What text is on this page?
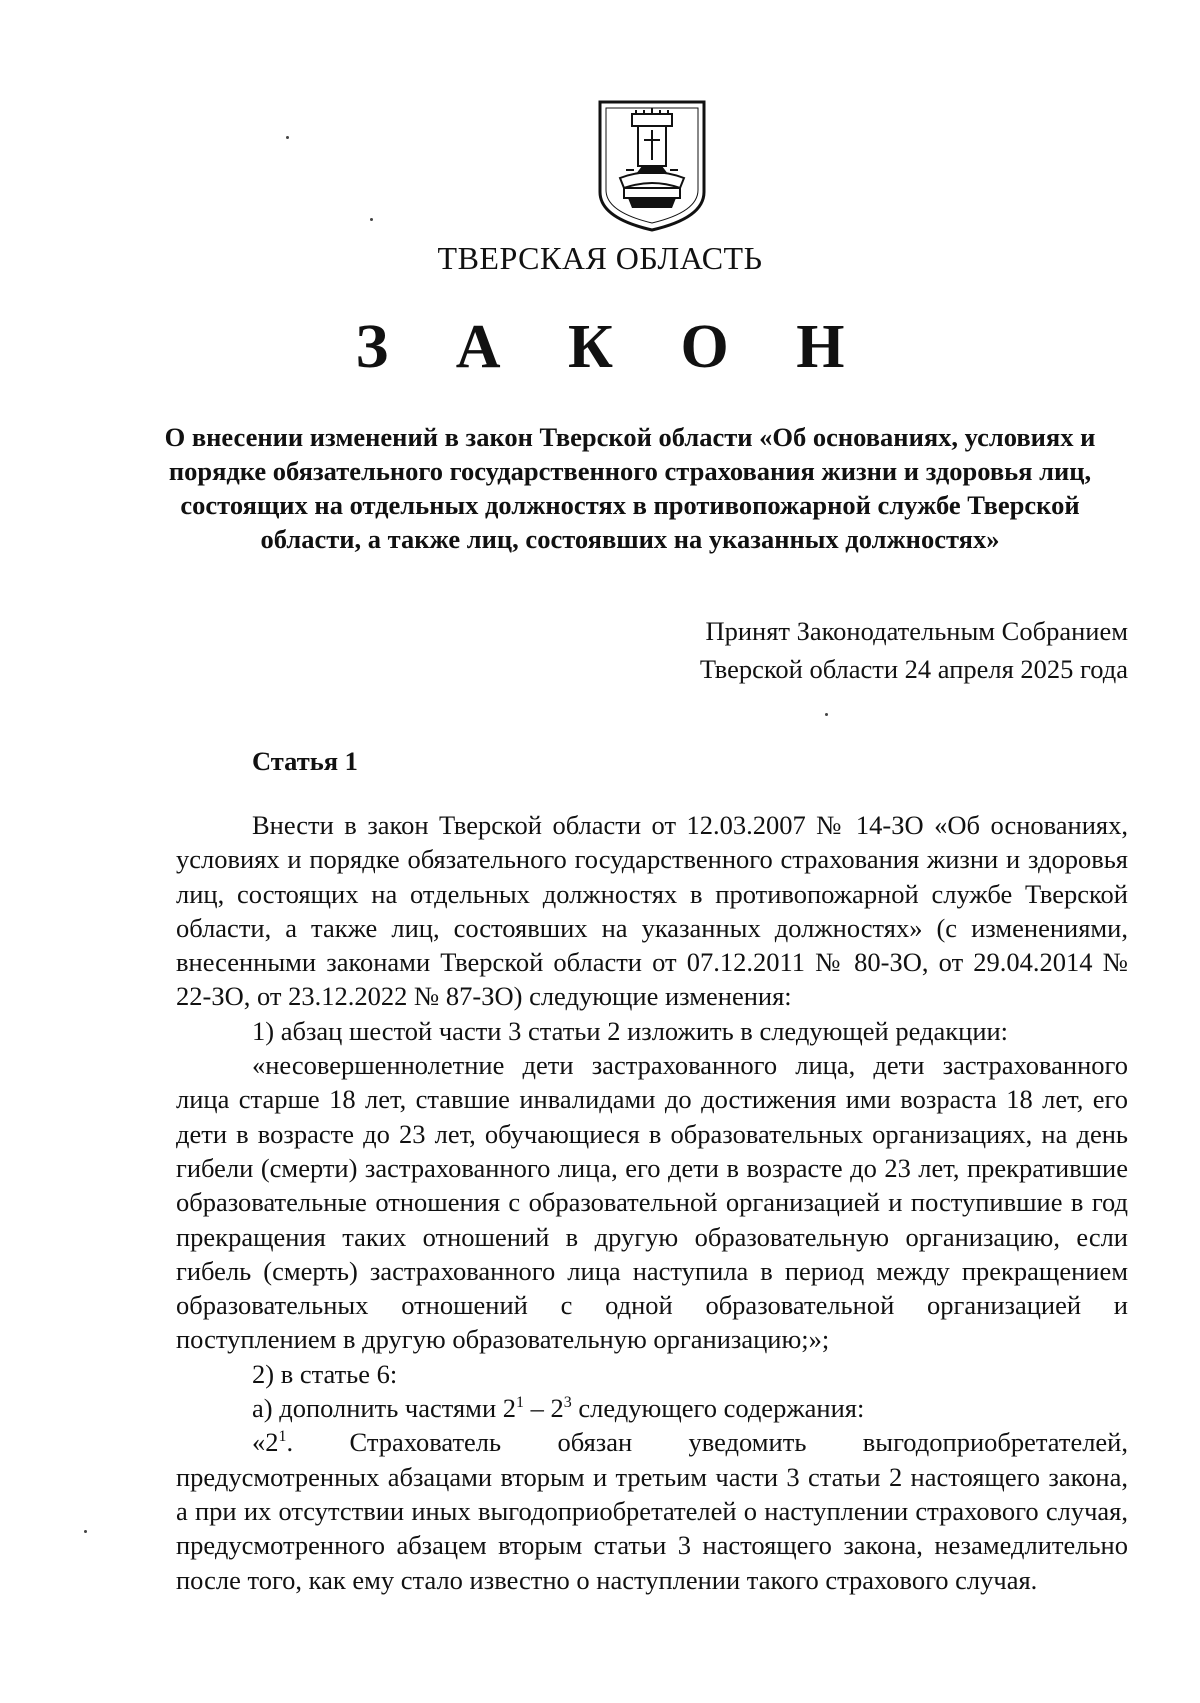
ТВЕРСКАЯ ОБЛАСТЬ
З А К О Н
О внесении изменений в закон Тверской области «Об основаниях, условиях и порядке обязательного государственного страхования жизни и здоровья лиц, состоящих на отдельных должностях в противопожарной службе Тверской области, а также лиц, состоявших на указанных должностях»
Принят Законодательным Собранием
Тверской области 24 апреля 2025 года
Статья 1

Внести в закон Тверской области от 12.03.2007 № 14-ЗО «Об основаниях, условиях и порядке обязательного государственного страхования жизни и здоровья лиц, состоящих на отдельных должностях в противопожарной службе Тверской области, а также лиц, состоявших на указанных должностях» (с изменениями, внесенными законами Тверской области от 07.12.2011 № 80-ЗО, от 29.04.2014 № 22-ЗО, от 23.12.2022 № 87-ЗО) следующие изменения:

1) абзац шестой части 3 статьи 2 изложить в следующей редакции:

«несовершеннолетние дети застрахованного лица, дети застрахованного лица старше 18 лет, ставшие инвалидами до достижения ими возраста 18 лет, его дети в возрасте до 23 лет, обучающиеся в образовательных организациях, на день гибели (смерти) застрахованного лица, его дети в возрасте до 23 лет, прекратившие образовательные отношения с образовательной организацией и поступившие в год прекращения таких отношений в другую образовательную организацию, если гибель (смерть) застрахованного лица наступила в период между прекращением образовательных отношений с одной образовательной организацией и поступлением в другую образовательную организацию;»;

2) в статье 6:

а) дополнить частями $2^1 - 2^3$ следующего содержания:

«$2^1$. Страхователь обязан уведомить выгодоприобретателей, предусмотренных абзацами вторым и третьим части 3 статьи 2 настоящего закона, а при их отсутствии иных выгодоприобретателей о наступлении страхового случая, предусмотренного абзацем вторым статьи 3 настоящего закона, незамедлительно после того, как ему стало известно о наступлении такого страхового случая.
